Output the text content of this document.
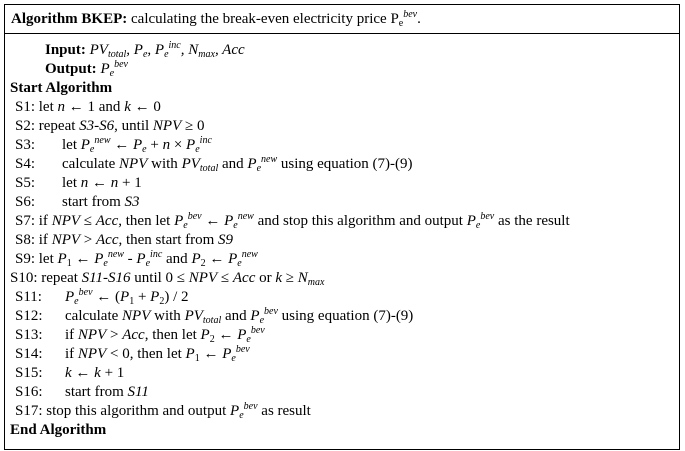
Algorithm BKEP: calculating the break-even electricity price $P_e^{bev}$.
Input: $PV_{total}$, $P_e$, $P_e^{inc}$, $N_{max}$, Acc
Output: $P_e^{bev}$
Start Algorithm
S1: let n ← 1 and k ← 0
S2: repeat S3-S6, until NPV ≥ 0
S3: let $P_e^{new}$ ← $P_e + n \times P_e^{inc}$
S4: calculate NPV with $PV_{total}$ and $P_e^{new}$ using equation (7)-(9)
S5: let n ← n + 1
S6: start from S3
S7: if NPV ≤ Acc, then let $P_e^{bev}$ ← $P_e^{new}$ and stop this algorithm and output $P_e^{bev}$ as the result
S8: if NPV > Acc, then start from S9
S9: let $P_1$ ← $P_e^{new} - P_e^{inc}$ and $P_2$ ← $P_e^{new}$
S10: repeat S11-S16 until 0 ≤ NPV ≤ Acc or $k \ge N_{max}$
S11: $P_e^{bev}$ ← $(P_1 + P_2) / 2$
S12: calculate NPV with $PV_{total}$ and $P_e^{bev}$ using equation (7)-(9)
S13: if NPV > Acc, then let $P_2$ ← $P_e^{bev}$
S14: if NPV < 0, then let $P_1$ ← $P_e^{bev}$
S15: k ← k + 1
S16: start from S11
S17: stop this algorithm and output $P_e^{bev}$ as result
End Algorithm
